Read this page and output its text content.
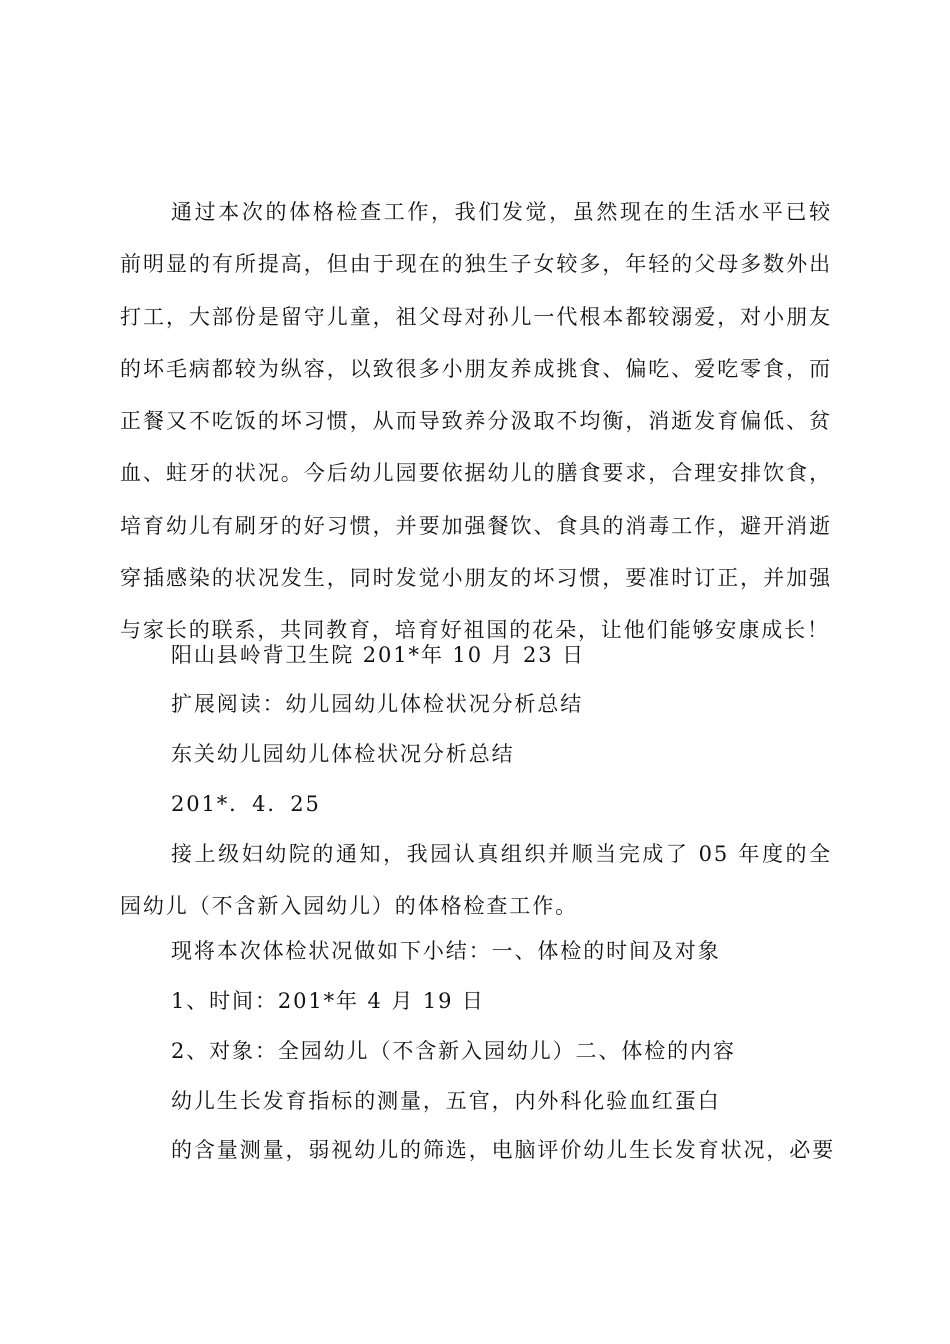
通过本次的体格检查工作，我们发觉，虽然现在的生活水平已较前明显的有所提高，但由于现在的独生子女较多，年轻的父母多数外出打工，大部份是留守儿童，祖父母对孙儿一代根本都较溺爱，对小朋友的坏毛病都较为纵容，以致很多小朋友养成挑食、偏吃、爱吃零食，而正餐又不吃饭的坏习惯，从而导致养分汲取不均衡，消逝发育偏低、贫血、蛀牙的状况。今后幼儿园要依据幼儿的膳食要求，合理安排饮食，培育幼儿有刷牙的好习惯，并要加强餐饮、食具的消毒工作，避开消逝穿插感染的状况发生，同时发觉小朋友的坏习惯，要准时订正，并加强与家长的联系，共同教育，培育好祖国的花朵，让他们能够安康成长！
阳山县岭背卫生院 201*年 10 月 23 日
扩展阅读：幼儿园幼儿体检状况分析总结
东关幼儿园幼儿体检状况分析总结
201*．4．25
接上级妇幼院的通知，我园认真组织并顺当完成了 05 年度的全园幼儿（不含新入园幼儿）的体格检查工作。
现将本次体检状况做如下小结：一、体检的时间及对象
1、时间：201*年 4 月 19 日
2、对象：全园幼儿（不含新入园幼儿）二、体检的内容
幼儿生长发育指标的测量，五官，内外科化验血红蛋白
的含量测量，弱视幼儿的筛选，电脑评价幼儿生长发育状况，必要
